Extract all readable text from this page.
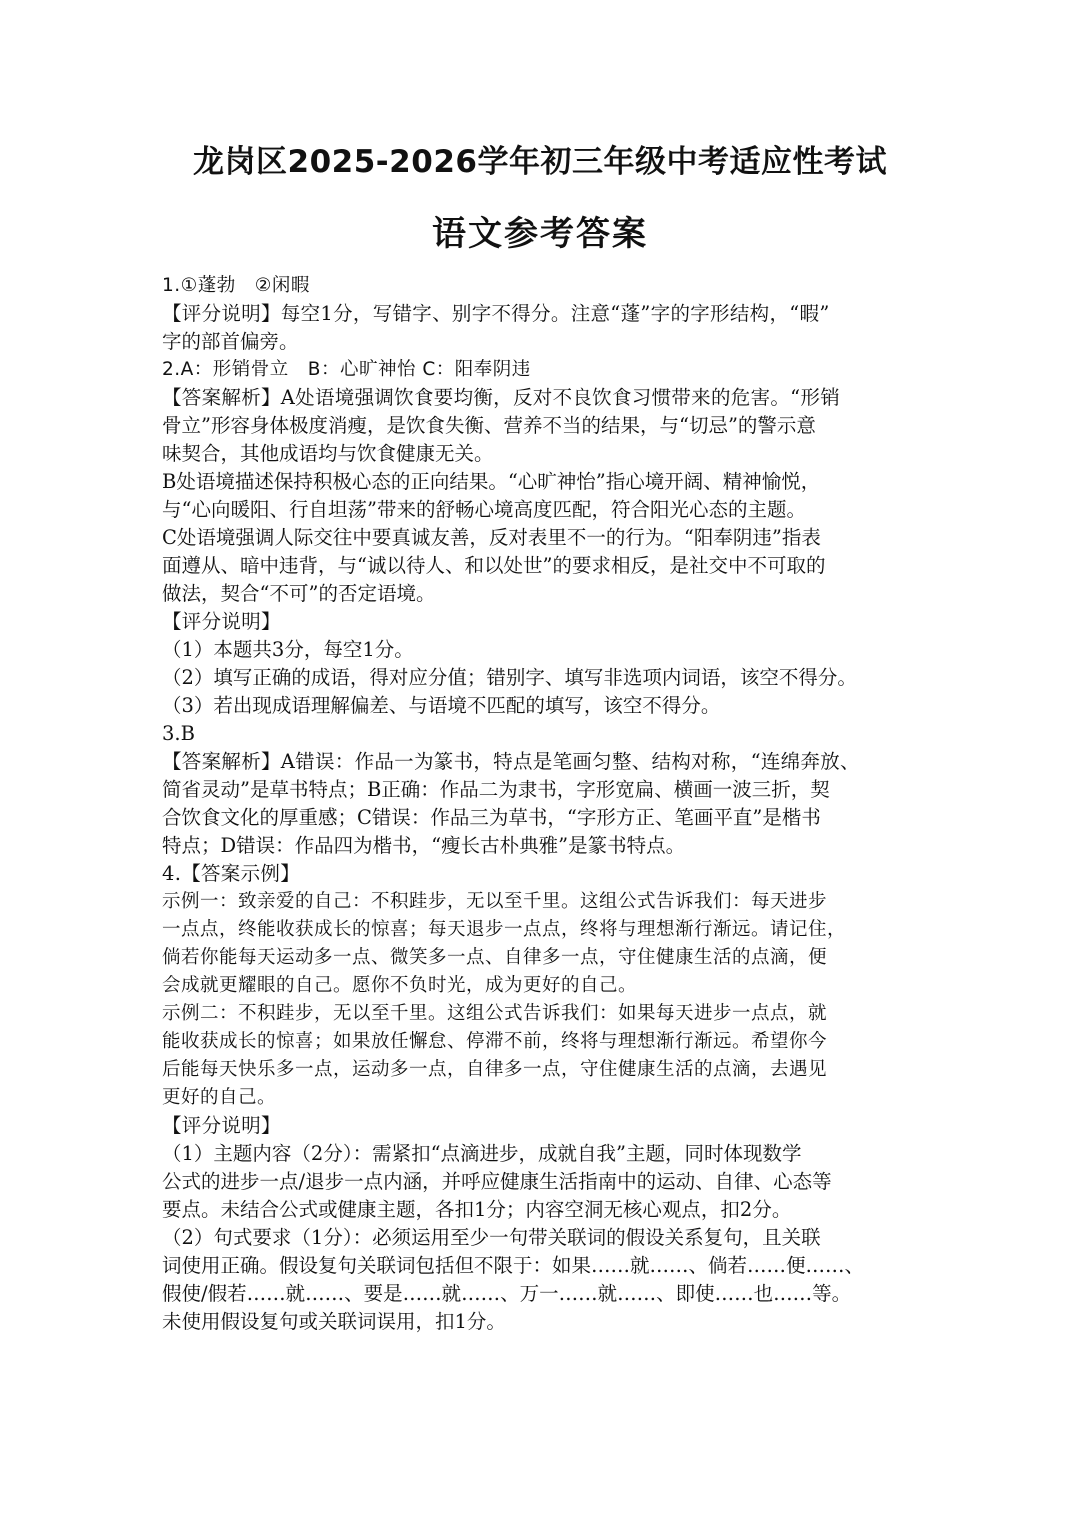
龙岗区2025-2026学年初三年级中考适应性考试
语文参考答案
1.①蓬勃　②闲暇
【评分说明】每空1分，写错字、别字不得分。注意“蓬”字的字形结构，“暇”
字的部首偏旁。
2.A：形销骨立　B：心旷神怡 C：阳奉阴违
【答案解析】A处语境强调饮食要均衡，反对不良饮食习惯带来的危害。“形销
骨立”形容身体极度消瘦，是饮食失衡、营养不当的结果，与“切忌”的警示意
味契合，其他成语均与饮食健康无关。
B处语境描述保持积极心态的正向结果。“心旷神怡”指心境开阔、精神愉悦，
与“心向暖阳、行自坦荡”带来的舒畅心境高度匹配，符合阳光心态的主题。
C处语境强调人际交往中要真诚友善，反对表里不一的行为。“阳奉阴违”指表
面遵从、暗中违背，与“诚以待人、和以处世”的要求相反，是社交中不可取的
做法，契合“不可”的否定语境。
【评分说明】
（1）本题共3分，每空1分。
（2）填写正确的成语，得对应分值；错别字、填写非选项内词语，该空不得分。
（3）若出现成语理解偏差、与语境不匹配的填写，该空不得分。
3.B
【答案解析】A错误：作品一为篆书，特点是笔画匀整、结构对称，“连绵奔放、
简省灵动”是草书特点；B正确：作品二为隶书，字形宽扁、横画一波三折，契
合饮食文化的厚重感；C错误：作品三为草书，“字形方正、笔画平直”是楷书
特点；D错误：作品四为楷书，“瘦长古朴典雅”是篆书特点。
4.【答案示例】
示例一：致亲爱的自己：不积跬步，无以至千里。这组公式告诉我们：每天进步
一点点，终能收获成长的惊喜；每天退步一点点，终将与理想渐行渐远。请记住，
倘若你能每天运动多一点、微笑多一点、自律多一点，守住健康生活的点滴，便
会成就更耀眼的自己。愿你不负时光，成为更好的自己。
示例二：不积跬步，无以至千里。这组公式告诉我们：如果每天进步一点点，就
能收获成长的惊喜；如果放任懈怠、停滞不前，终将与理想渐行渐远。希望你今
后能每天快乐多一点，运动多一点，自律多一点，守住健康生活的点滴，去遇见
更好的自己。
【评分说明】
（1）主题内容（2分）：需紧扣“点滴进步，成就自我”主题，同时体现数学
公式的进步一点/退步一点内涵，并呼应健康生活指南中的运动、自律、心态等
要点。未结合公式或健康主题，各扣1分；内容空洞无核心观点，扣2分。
（2）句式要求（1分）：必须运用至少一句带关联词的假设关系复句，且关联
词使用正确。假设复句关联词包括但不限于：如果……就……、倘若……便……、
假使/假若……就……、要是……就……、万一……就……、即使……也……等。
未使用假设复句或关联词误用，扣1分。
